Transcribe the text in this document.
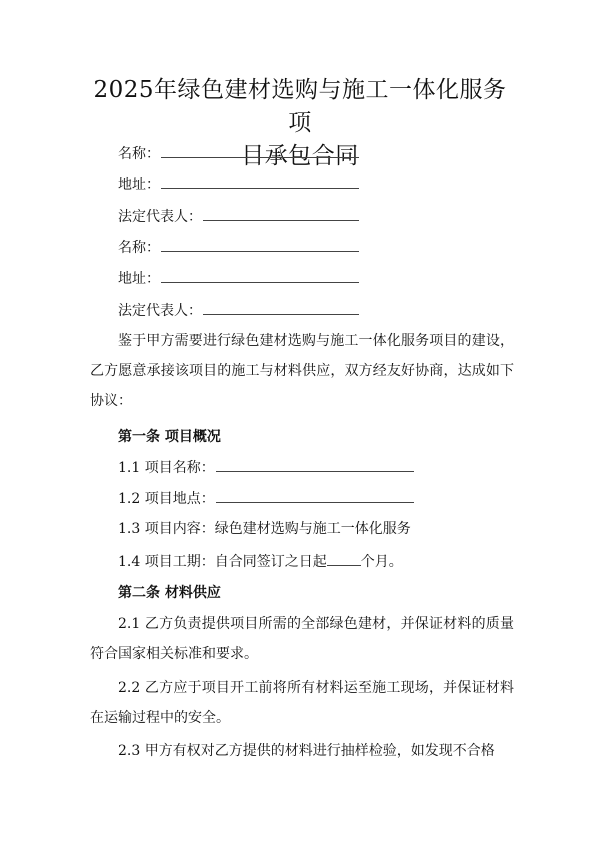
2025年绿色建材选购与施工一体化服务项
目承包合同
名称：
地址：
法定代表人：
名称：
地址：
法定代表人：
鉴于甲方需要进行绿色建材选购与施工一体化服务项目的建设，乙方愿意承接该项目的施工与材料供应，双方经友好协商，达成如下协议：
第一条 项目概况
1.1 项目名称：
1.2 项目地点：
1.3 项目内容：绿色建材选购与施工一体化服务
1.4 项目工期：自合同签订之日起 个月。
第二条 材料供应
2.1 乙方负责提供项目所需的全部绿色建材，并保证材料的质量符合国家相关标准和要求。
2.2 乙方应于项目开工前将所有材料运至施工现场，并保证材料在运输过程中的安全。
2.3 甲方有权对乙方提供的材料进行抽样检验，如发现不合格
